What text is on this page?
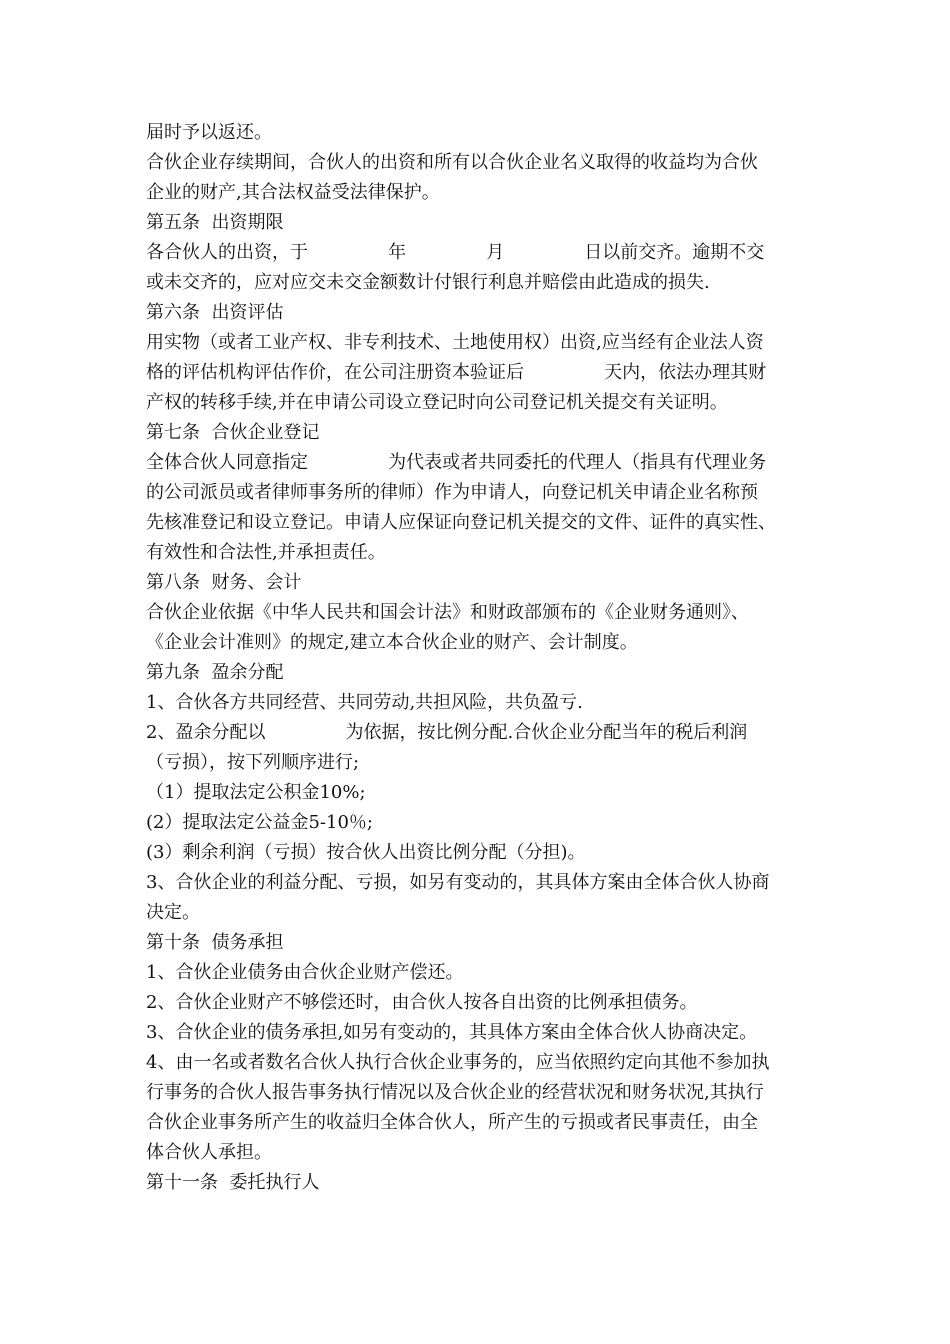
届时予以返还。
合伙企业存续期间，合伙人的出资和所有以合伙企业名义取得的收益均为合伙
企业的财产,其合法权益受法律保护。
第五条  出资期限
各合伙人的出资，于              年              月              日以前交齐。逾期不交
或未交齐的，应对应交未交金额数计付银行利息并赔偿由此造成的损失.
第六条  出资评估
用实物（或者工业产权、非专利技术、土地使用权）出资,应当经有企业法人资
格的评估机构评估作价，在公司注册资本验证后              天内，依法办理其财
产权的转移手续,并在申请公司设立登记时向公司登记机关提交有关证明。
第七条  合伙企业登记
全体合伙人同意指定              为代表或者共同委托的代理人（指具有代理业务
的公司派员或者律师事务所的律师）作为申请人，向登记机关申请企业名称预
先核准登记和设立登记。申请人应保证向登记机关提交的文件、证件的真实性、
有效性和合法性,并承担责任。
第八条  财务、会计
合伙企业依据《中华人民共和国会计法》和财政部颁布的《企业财务通则》、
《企业会计准则》的规定,建立本合伙企业的财产、会计制度。
第九条  盈余分配
1、合伙各方共同经营、共同劳动,共担风险，共负盈亏.
2、盈余分配以              为依据，按比例分配.合伙企业分配当年的税后利润
（亏损），按下列顺序进行;
（1）提取法定公积金10%;
(2）提取法定公益金5-10％;
(3）剩余利润（亏损）按合伙人出资比例分配（分担)。
3、合伙企业的利益分配、亏损，如另有变动的，其具体方案由全体合伙人协商
决定。
第十条  债务承担
1、合伙企业债务由合伙企业财产偿还。
2、合伙企业财产不够偿还时，由合伙人按各自出资的比例承担债务。
3、合伙企业的债务承担,如另有变动的，其具体方案由全体合伙人协商决定。
4、由一名或者数名合伙人执行合伙企业事务的，应当依照约定向其他不参加执
行事务的合伙人报告事务执行情况以及合伙企业的经营状况和财务状况,其执行
合伙企业事务所产生的收益归全体合伙人，所产生的亏损或者民事责任，由全
体合伙人承担。
第十一条  委托执行人
